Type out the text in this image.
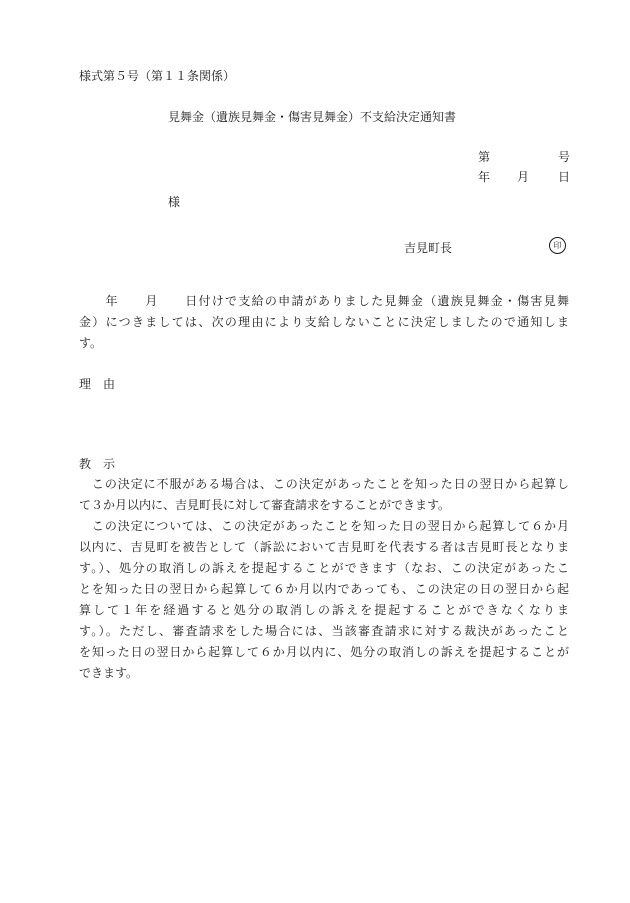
様式第５号（第１１条関係）
見舞金（遺族見舞金・傷害見舞金）不支給決定通知書
第	号
年 月 日
様
吉見町長	印
　　年　　月　　日付けで支給の申請がありました見舞金（遺族見舞金・傷害見舞
金）につきましては、次の理由により支給しないことに決定しましたので通知しま
す。
理　由
教　示
　この決定に不服がある場合は、この決定があったことを知った日の翌日から起算し
て３か月以内に、吉見町長に対して審査請求をすることができます。
　この決定については、この決定があったことを知った日の翌日から起算して６か月
以内に、吉見町を被告として（訴訟において吉見町を代表する者は吉見町長となりま
す。）、処分の取消しの訴えを提起することができます（なお、この決定があったこ
とを知った日の翌日から起算して６か月以内であっても、この決定の日の翌日から起
算して１年を経過すると処分の取消しの訴えを提起することができなくなりま
す。）。ただし、審査請求をした場合には、当該審査請求に対する裁決があったこと
を知った日の翌日から起算して６か月以内に、処分の取消しの訴えを提起することが
できます。
